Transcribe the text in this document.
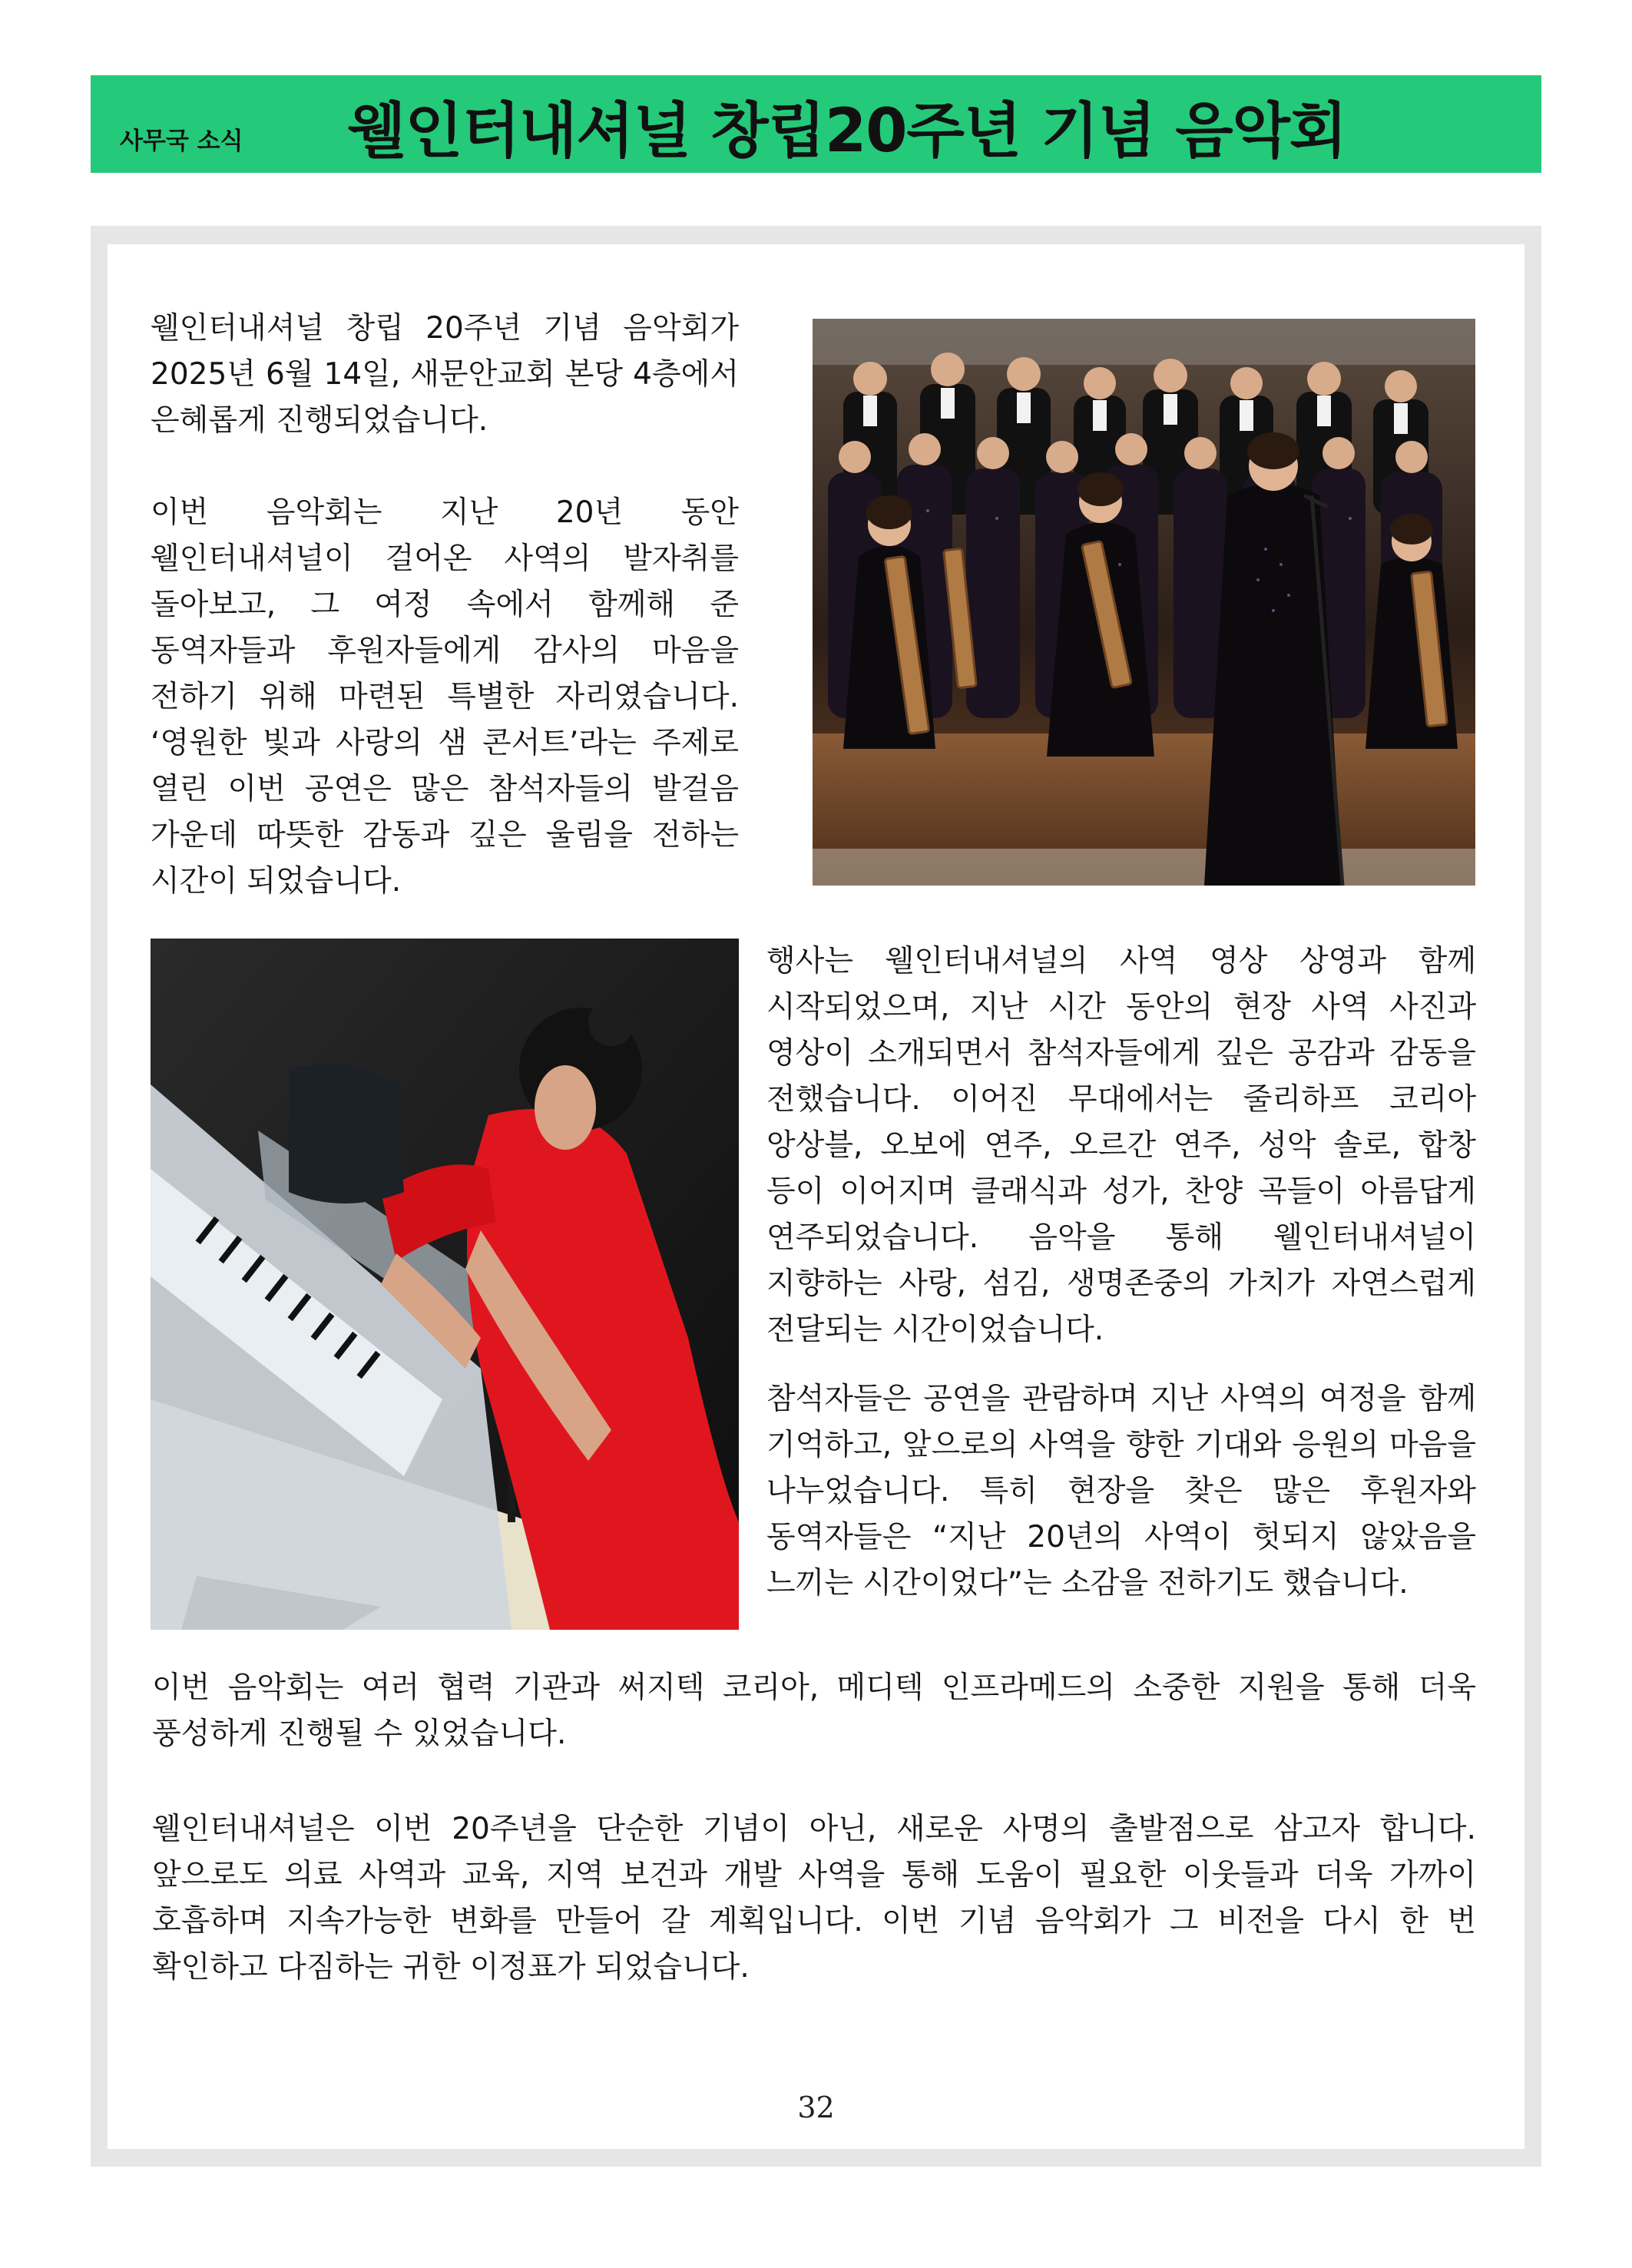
사무국 소식 웰인터내셔널 창립20주년 기념 음악회

웰인터내셔널 창립 20주년 기념 음악회가 2025년 6월 14일, 새문안교회 본당 4층에서 은혜롭게 진행되었습니다.

이번 음악회는 지난 20년 동안 웰인터내셔널이 걸어온 사역의 발자취를 돌아보고, 그 여정 속에서 함께해 준 동역자들과 후원자들에게 감사의 마음을 전하기 위해 마련된 특별한 자리였습니다. ‘영원한 빛과 사랑의 샘 콘서트’라는 주제로 열린 이번 공연은 많은 참석자들의 발걸음 가운데 따뜻한 감동과 깊은 울림을 전하는 시간이 되었습니다.

행사는 웰인터내셔널의 사역 영상 상영과 함께 시작되었으며, 지난 시간 동안의 현장 사역 사진과 영상이 소개되면서 참석자들에게 깊은 공감과 감동을 전했습니다. 이어진 무대에서는 줄리하프 코리아 앙상블, 오보에 연주, 오르간 연주, 성악 솔로, 합창 등이 이어지며 클래식과 성가, 찬양 곡들이 아름답게 연주되었습니다. 음악을 통해 웰인터내셔널이 지향하는 사랑, 섬김, 생명존중의 가치가 자연스럽게 전달되는 시간이었습니다.

참석자들은 공연을 관람하며 지난 사역의 여정을 함께 기억하고, 앞으로의 사역을 향한 기대와 응원의 마음을 나누었습니다. 특히 현장을 찾은 많은 후원자와 동역자들은 “지난 20년의 사역이 헛되지 않았음을 느끼는 시간이었다”는 소감을 전하기도 했습니다.

이번 음악회는 여러 협력 기관과 써지텍 코리아, 메디텍 인프라메드의 소중한 지원을 통해 더욱 풍성하게 진행될 수 있었습니다.

웰인터내셔널은 이번 20주년을 단순한 기념이 아닌, 새로운 사명의 출발점으로 삼고자 합니다. 앞으로도 의료 사역과 교육, 지역 보건과 개발 사역을 통해 도움이 필요한 이웃들과 더욱 가까이 호흡하며 지속가능한 변화를 만들어 갈 계획입니다. 이번 기념 음악회가 그 비전을 다시 한 번 확인하고 다짐하는 귀한 이정표가 되었습니다.

32
